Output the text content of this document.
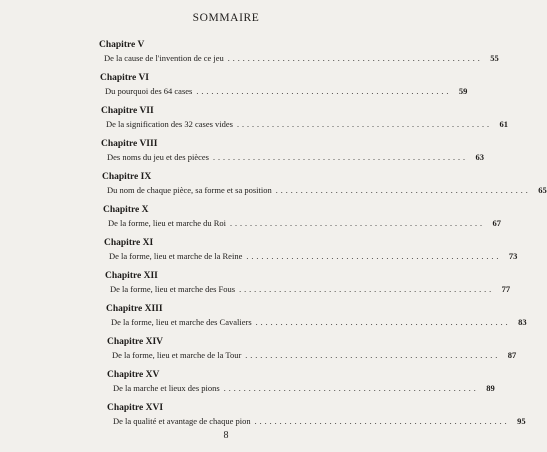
SOMMAIRE
Chapitre V
De la cause de l'invention de ce jeu ................................................... 55
Chapitre VI
Du pourquoi des 64 cases ................................................... 59
Chapitre VII
De la signification des 32 cases vides ................................................... 61
Chapitre VIII
Des noms du jeu et des pièces ................................................... 63
Chapitre IX
Du nom de chaque pièce, sa forme et sa position ................................................... 65
Chapitre X
De la forme, lieu et marche du Roi ................................................... 67
Chapitre XI
De la forme, lieu et marche de la Reine ................................................... 73
Chapitre XII
De la forme, lieu et marche des Fous ................................................... 77
Chapitre XIII
De la forme, lieu et marche des Cavaliers ................................................... 83
Chapitre XIV
De la forme, lieu et marche de la Tour ................................................... 87
Chapitre XV
De la marche et lieux des pions ................................................... 89
Chapitre XVI
De la qualité et avantage de chaque pion ................................................... 95
8
